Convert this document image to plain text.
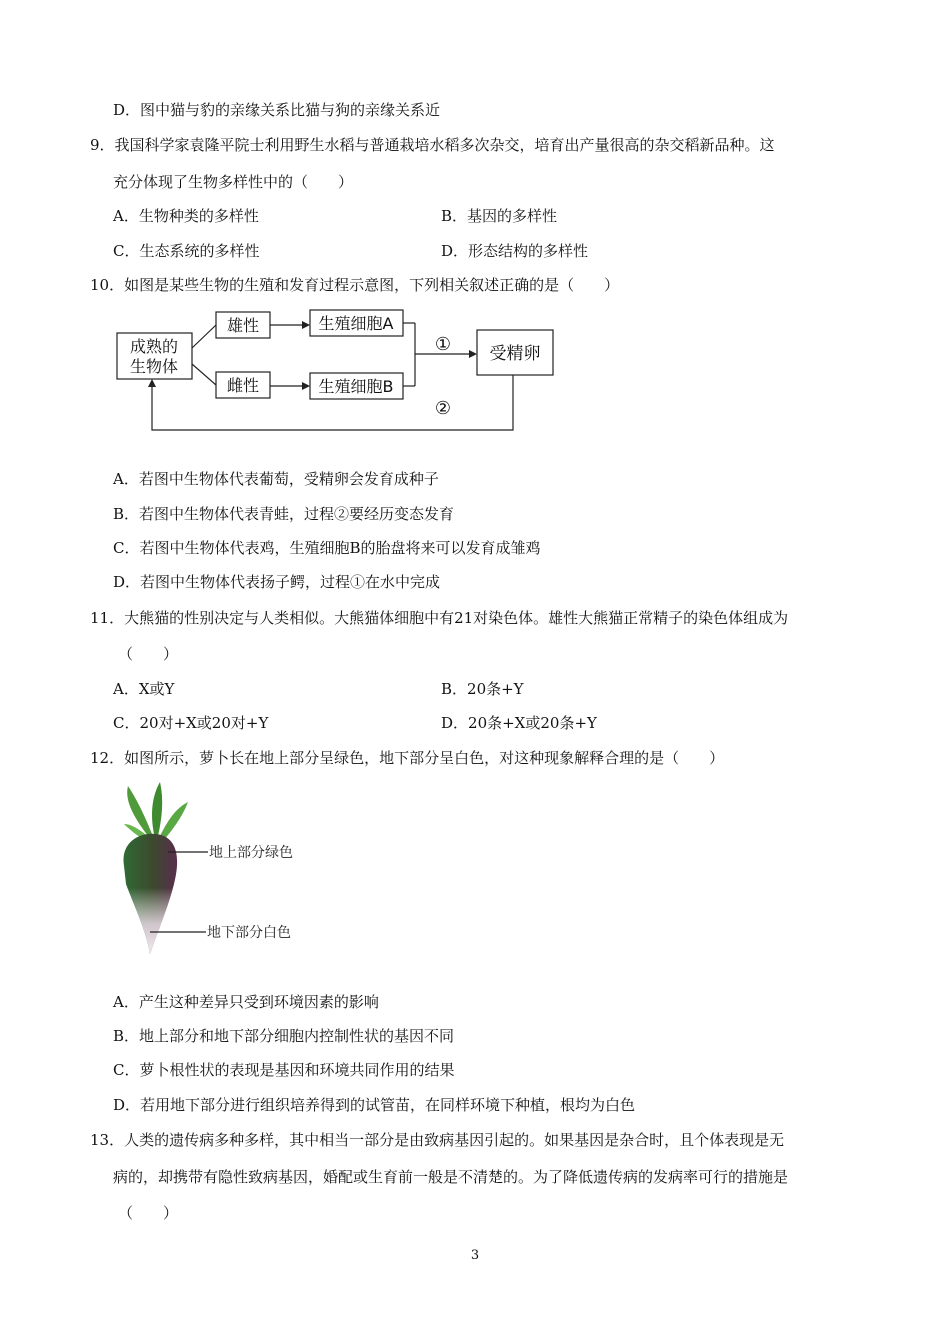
D．图中猫与豹的亲缘关系比猫与狗的亲缘关系近
9．我国科学家袁隆平院士利用野生水稻与普通栽培水稻多次杂交，培育出产量很高的杂交稻新品种。这
充分体现了生物多样性中的（　　）
A．生物种类的多样性	B．基因的多样性
C．生态系统的多样性	D．形态结构的多样性
10．如图是某些生物的生殖和发育过程示意图，下列相关叙述正确的是（　　）
成熟的
生物体
雄性
雌性
生殖细胞A
生殖细胞B
受精卵
①
②
A．若图中生物体代表葡萄，受精卵会发育成种子
B．若图中生物体代表青蛙，过程②要经历变态发育
C．若图中生物体代表鸡，生殖细胞B的胎盘将来可以发育成雏鸡
D．若图中生物体代表扬子鳄，过程①在水中完成
11．大熊猫的性别决定与人类相似。大熊猫体细胞中有21对染色体。雄性大熊猫正常精子的染色体组成为
（　　）
A．X或Y	B．20条+Y
C．20对+X或20对+Y	D．20条+X或20条+Y
12．如图所示，萝卜长在地上部分呈绿色，地下部分呈白色，对这种现象解释合理的是（　　）
地上部分绿色
地下部分白色
A．产生这种差异只受到环境因素的影响
B．地上部分和地下部分细胞内控制性状的基因不同
C．萝卜根性状的表现是基因和环境共同作用的结果
D．若用地下部分进行组织培养得到的试管苗，在同样环境下种植，根均为白色
13．人类的遗传病多种多样，其中相当一部分是由致病基因引起的。如果基因是杂合时，且个体表现是无
病的，却携带有隐性致病基因，婚配或生育前一般是不清楚的。为了降低遗传病的发病率可行的措施是
（　　）
3
